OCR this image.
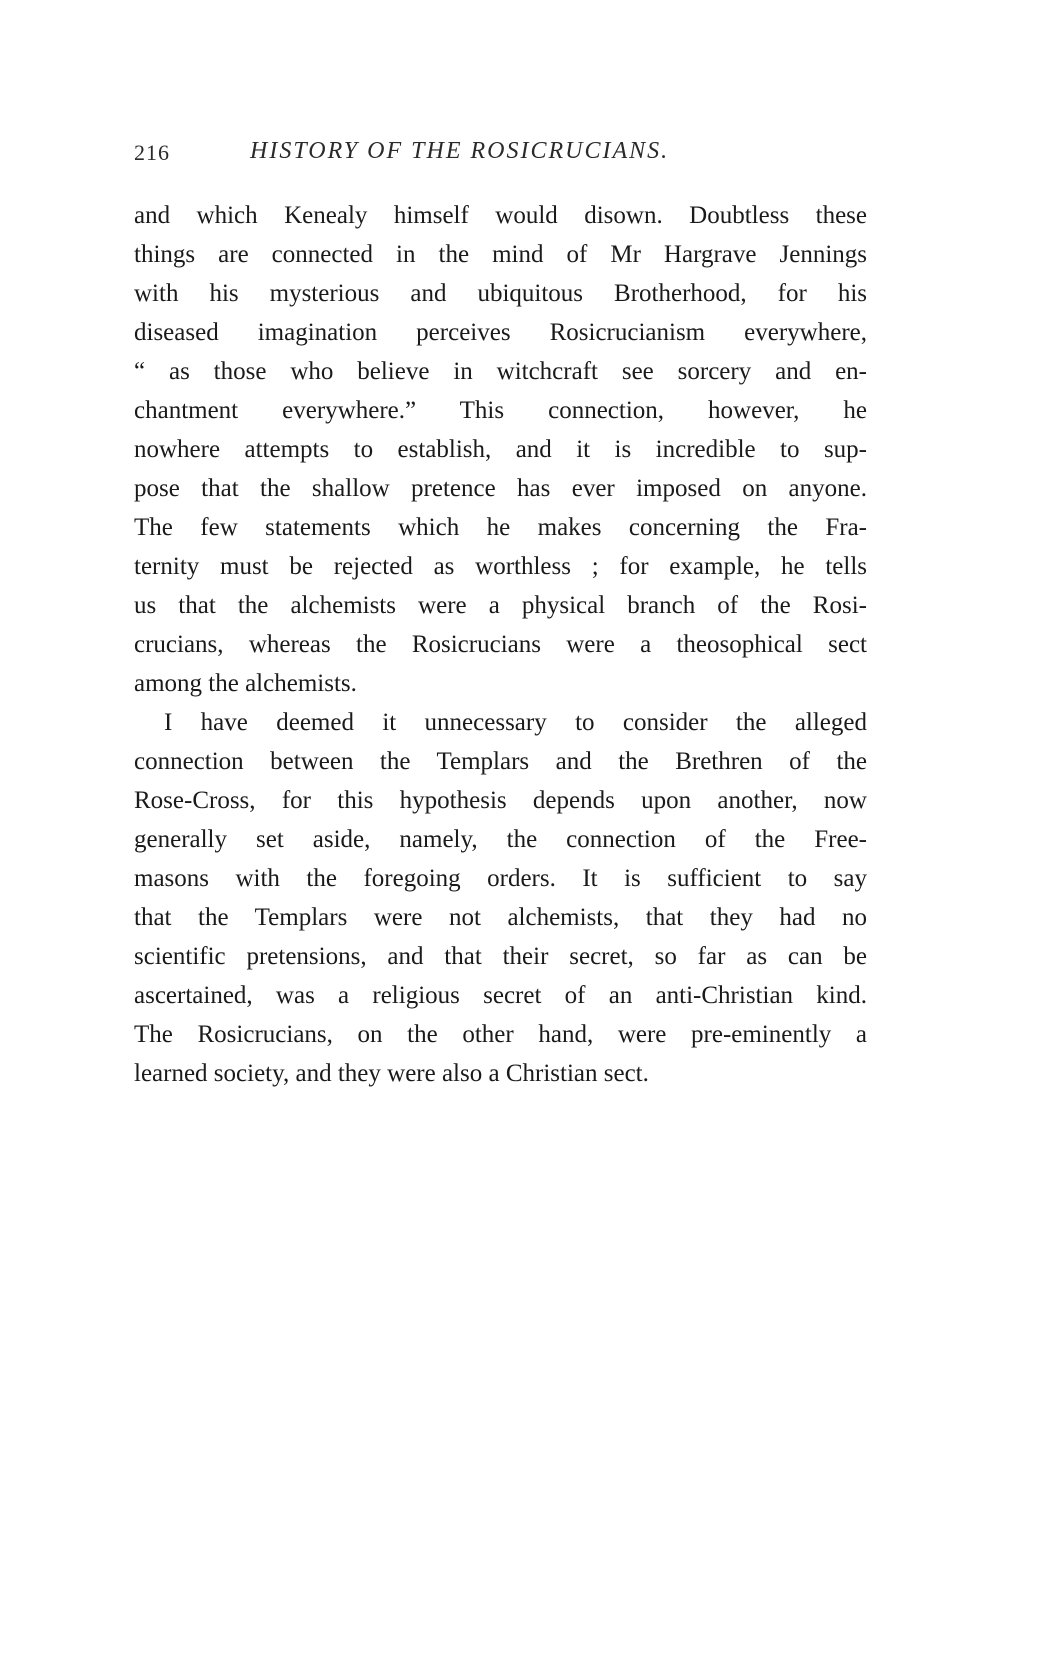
216	HISTORY OF THE ROSICRUCIANS.

and which Kenealy himself would disown. Doubtless these
things are connected in the mind of Mr Hargrave Jennings
with his mysterious and ubiquitous Brotherhood, for his
diseased imagination perceives Rosicrucianism everywhere,
“ as those who believe in witchcraft see sorcery and en-
chantment everywhere.” This connection, however, he
nowhere attempts to establish, and it is incredible to sup-
pose that the shallow pretence has ever imposed on anyone.
The few statements which he makes concerning the Fra-
ternity must be rejected as worthless ; for example, he tells
us that the alchemists were a physical branch of the Rosi-
crucians, whereas the Rosicrucians were a theosophical sect
among the alchemists.

I have deemed it unnecessary to consider the alleged
connection between the Templars and the Brethren of the
Rose-Cross, for this hypothesis depends upon another, now
generally set aside, namely, the connection of the Free-
masons with the foregoing orders. It is sufficient to say
that the Templars were not alchemists, that they had no
scientific pretensions, and that their secret, so far as can be
ascertained, was a religious secret of an anti-Christian kind.
The Rosicrucians, on the other hand, were pre-eminently a
learned society, and they were also a Christian sect.
